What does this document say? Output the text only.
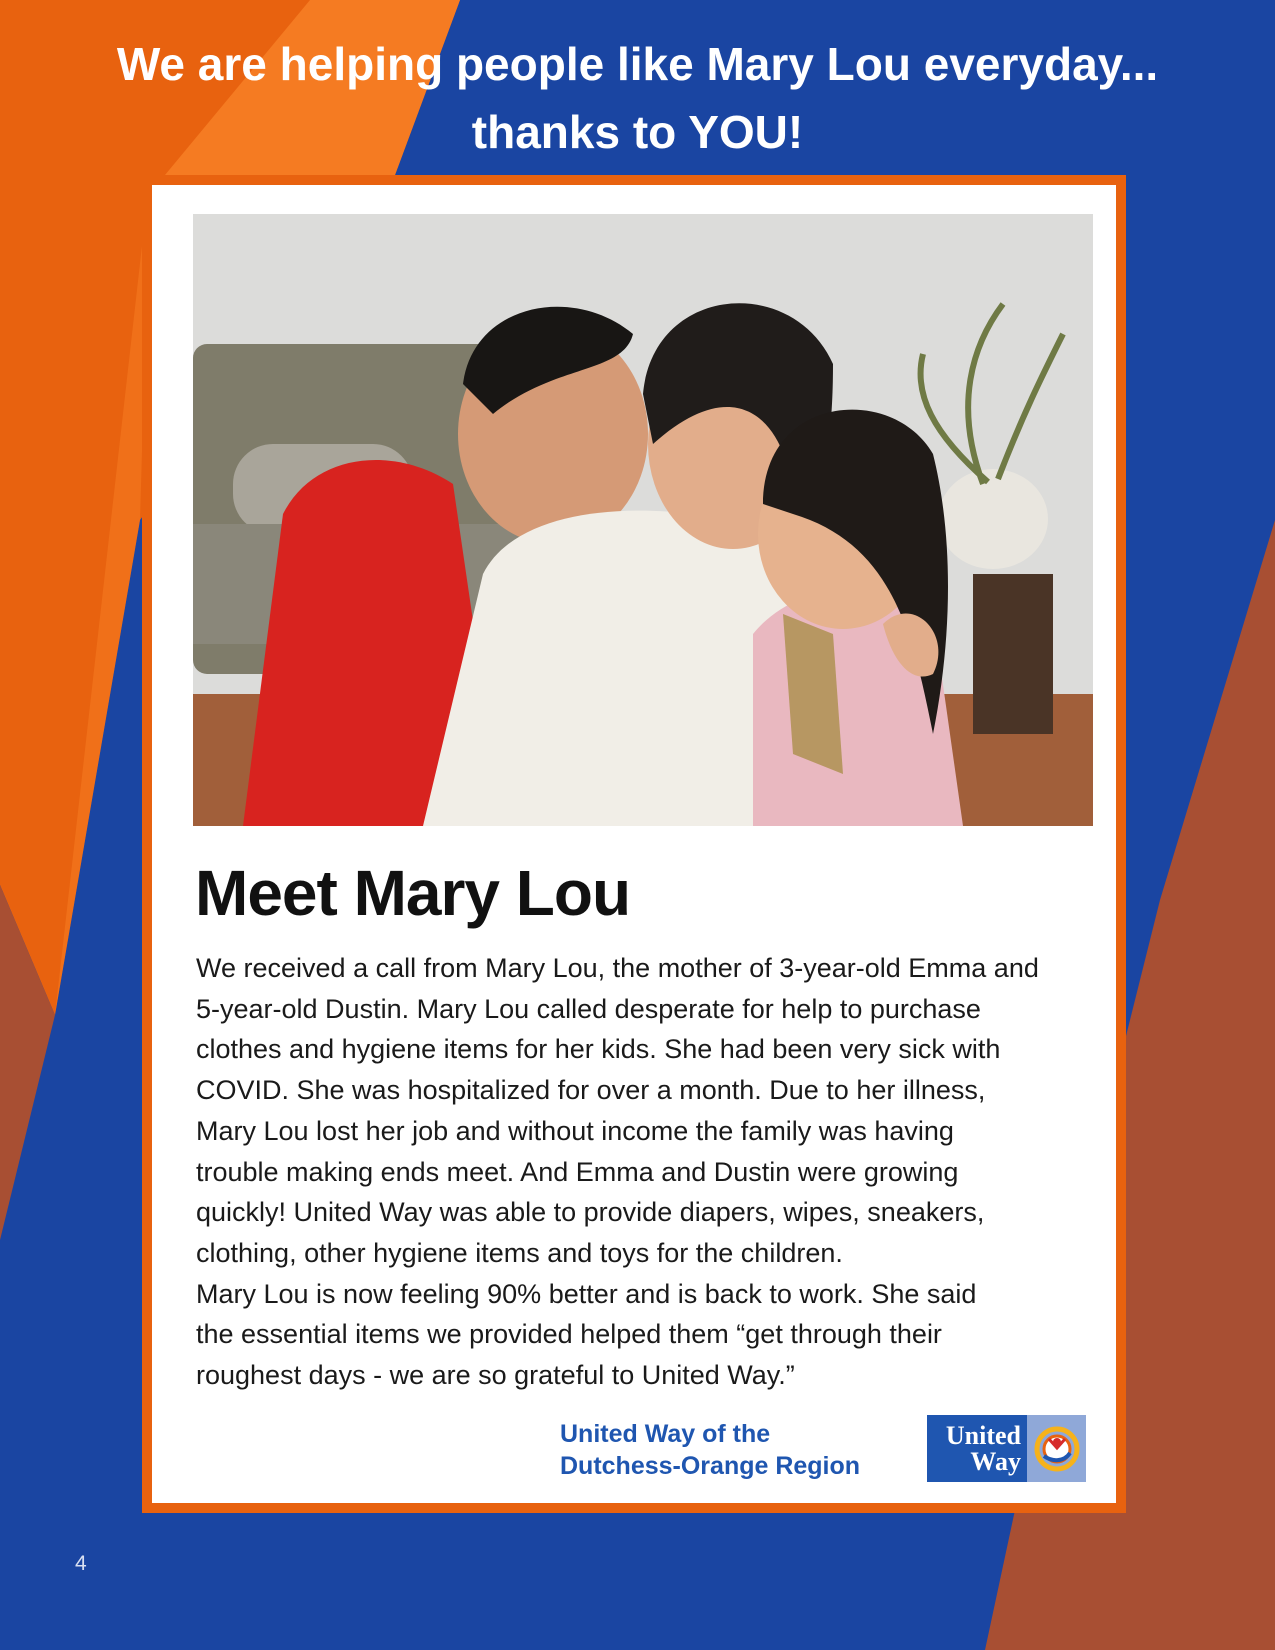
We are helping people like Mary Lou everyday...
thanks to YOU!
Meet Mary Lou

We received a call from Mary Lou, the mother of 3-year-old Emma and

5-year-old Dustin. Mary Lou called desperate for help to purchase

clothes and hygiene items for her kids. She had been very sick with

COVID. She was hospitalized for over a month. Due to her illness,

Mary Lou lost her job and without income the family was having

trouble making ends meet. And Emma and Dustin were growing

quickly! United Way was able to provide diapers, wipes, sneakers,

clothing, other hygiene items and toys for the children.

Mary Lou is now feeling 90% better and is back to work. She said

the essential items we provided helped them “get through their

roughest days - we are so grateful to United Way.”

United Way of the
Dutchess-Orange Region
United
Way
4
